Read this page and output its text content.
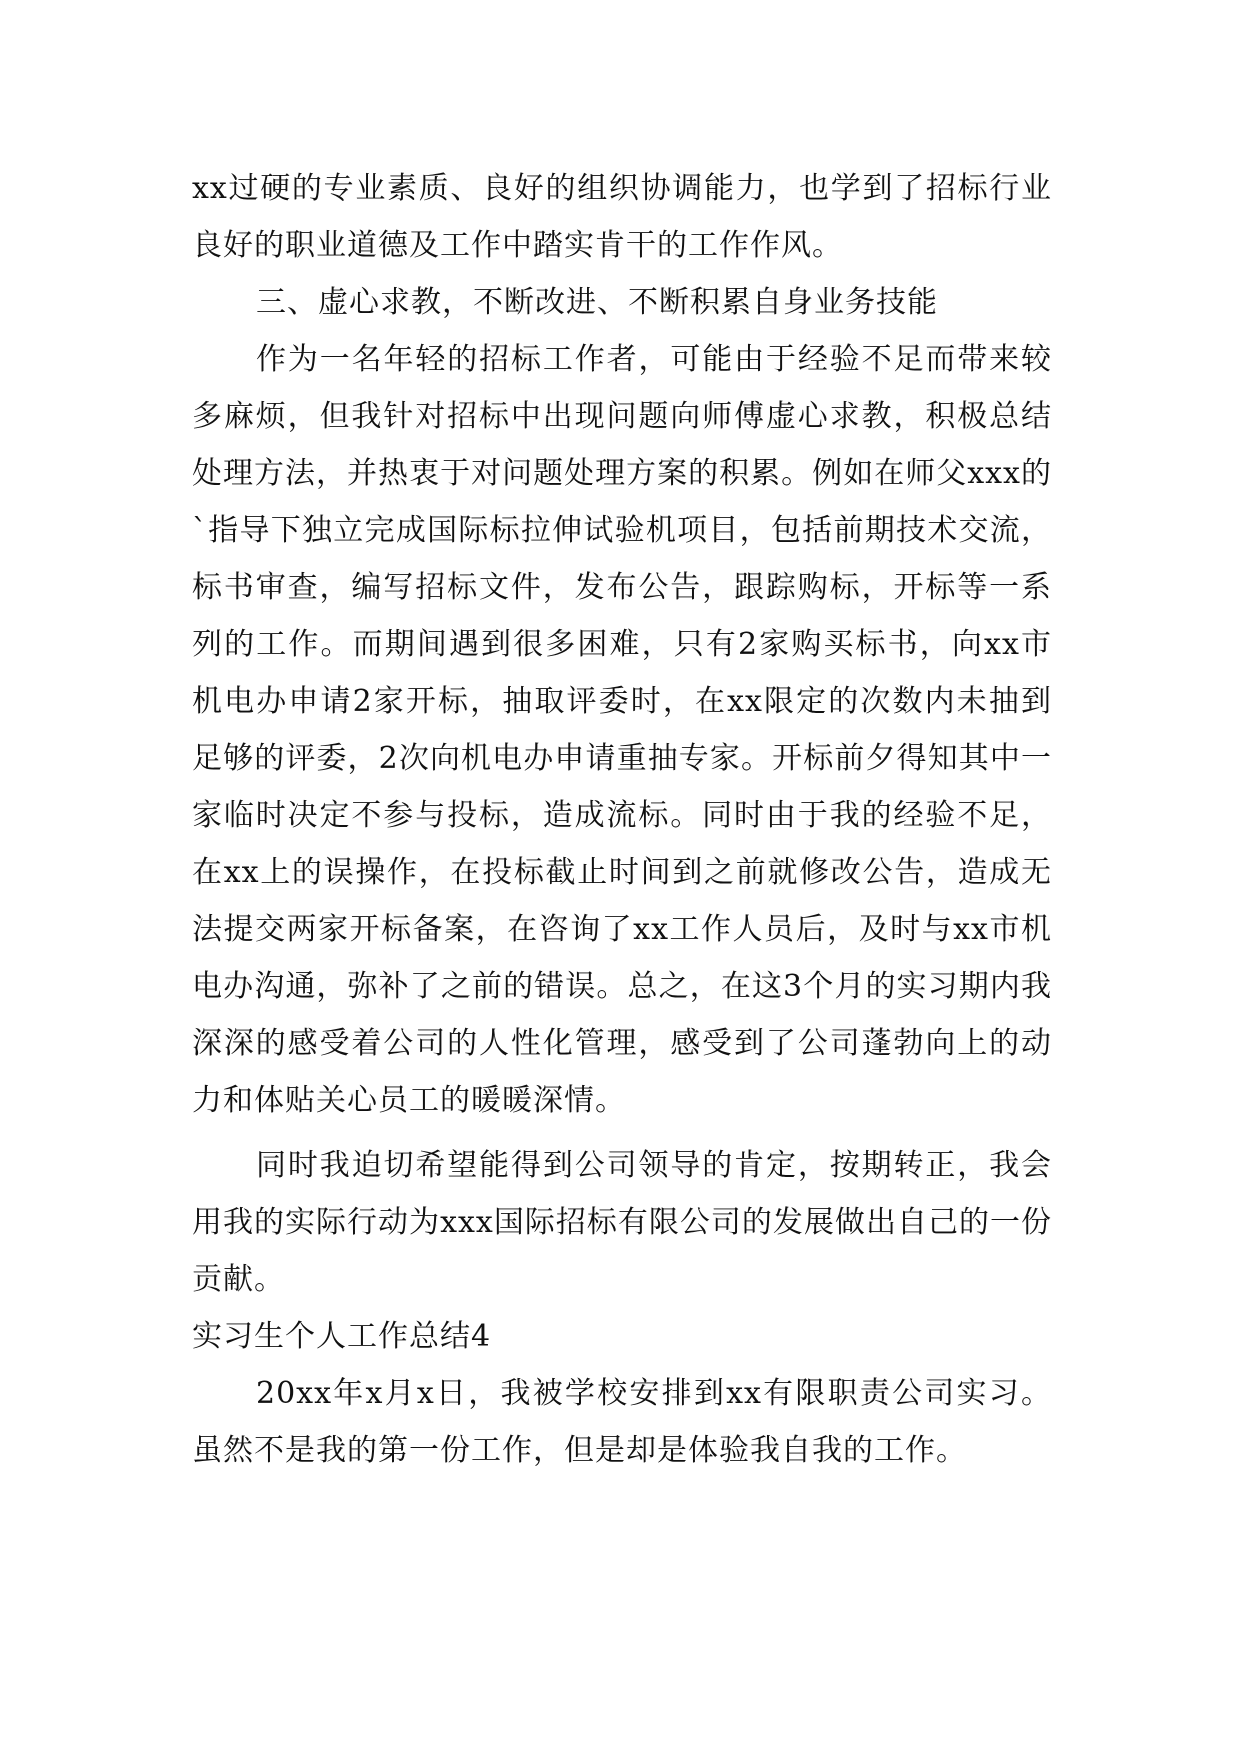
xx过硬的专业素质、良好的组织协调能力，也学到了招标行业良好的职业道德及工作中踏实肯干的工作作风。

三、虚心求教，不断改进、不断积累自身业务技能

作为一名年轻的招标工作者，可能由于经验不足而带来较多麻烦，但我针对招标中出现问题向师傅虚心求教，积极总结处理方法，并热衷于对问题处理方案的积累。例如在师父xxx的`指导下独立完成国际标拉伸试验机项目，包括前期技术交流，标书审查，编写招标文件，发布公告，跟踪购标，开标等一系列的工作。而期间遇到很多困难，只有2家购买标书，向xx市机电办申请2家开标，抽取评委时，在xx限定的次数内未抽到足够的评委，2次向机电办申请重抽专家。开标前夕得知其中一家临时决定不参与投标，造成流标。同时由于我的经验不足，在xx上的误操作，在投标截止时间到之前就修改公告，造成无法提交两家开标备案，在咨询了xx工作人员后，及时与xx市机电办沟通，弥补了之前的错误。总之，在这3个月的实习期内我深深的感受着公司的人性化管理，感受到了公司蓬勃向上的动力和体贴关心员工的暖暖深情。

同时我迫切希望能得到公司领导的肯定，按期转正，我会用我的实际行动为xxx国际招标有限公司的发展做出自己的一份贡献。

实习生个人工作总结4

20xx年x月x日，我被学校安排到xx有限职责公司实习。虽然不是我的第一份工作，但是却是体验我自我的工作。
